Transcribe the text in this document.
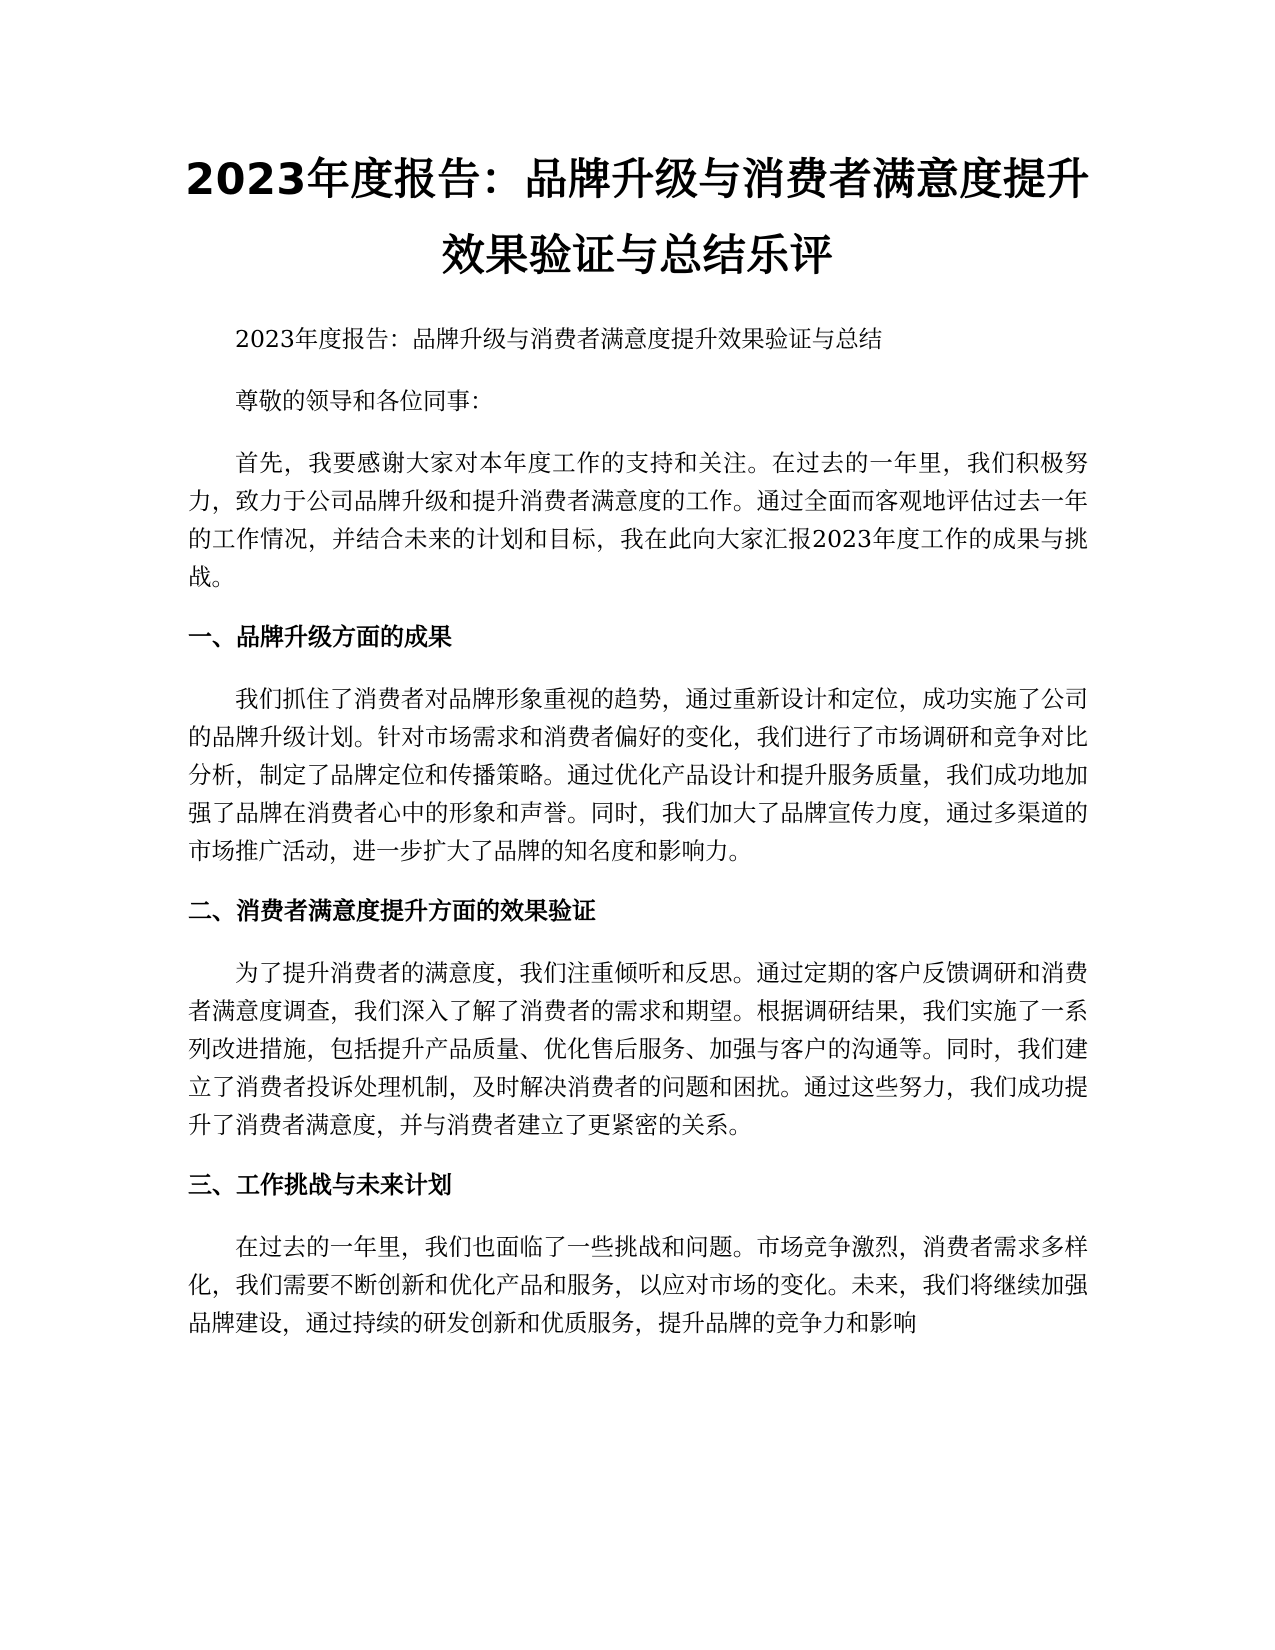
2023年度报告：品牌升级与消费者满意度提升效果验证与总结乐评

2023年度报告：品牌升级与消费者满意度提升效果验证与总结

尊敬的领导和各位同事：

首先，我要感谢大家对本年度工作的支持和关注。在过去的一年里，我们积极努力，致力于公司品牌升级和提升消费者满意度的工作。通过全面而客观地评估过去一年的工作情况，并结合未来的计划和目标，我在此向大家汇报2023年度工作的成果与挑战。

一、品牌升级方面的成果

我们抓住了消费者对品牌形象重视的趋势，通过重新设计和定位，成功实施了公司的品牌升级计划。针对市场需求和消费者偏好的变化，我们进行了市场调研和竞争对比分析，制定了品牌定位和传播策略。通过优化产品设计和提升服务质量，我们成功地加强了品牌在消费者心中的形象和声誉。同时，我们加大了品牌宣传力度，通过多渠道的市场推广活动，进一步扩大了品牌的知名度和影响力。

二、消费者满意度提升方面的效果验证

为了提升消费者的满意度，我们注重倾听和反思。通过定期的客户反馈调研和消费者满意度调查，我们深入了解了消费者的需求和期望。根据调研结果，我们实施了一系列改进措施，包括提升产品质量、优化售后服务、加强与客户的沟通等。同时，我们建立了消费者投诉处理机制，及时解决消费者的问题和困扰。通过这些努力，我们成功提升了消费者满意度，并与消费者建立了更紧密的关系。

三、工作挑战与未来计划

在过去的一年里，我们也面临了一些挑战和问题。市场竞争激烈，消费者需求多样化，我们需要不断创新和优化产品和服务，以应对市场的变化。未来，我们将继续加强品牌建设，通过持续的研发创新和优质服务，提升品牌的竞争力和影响
